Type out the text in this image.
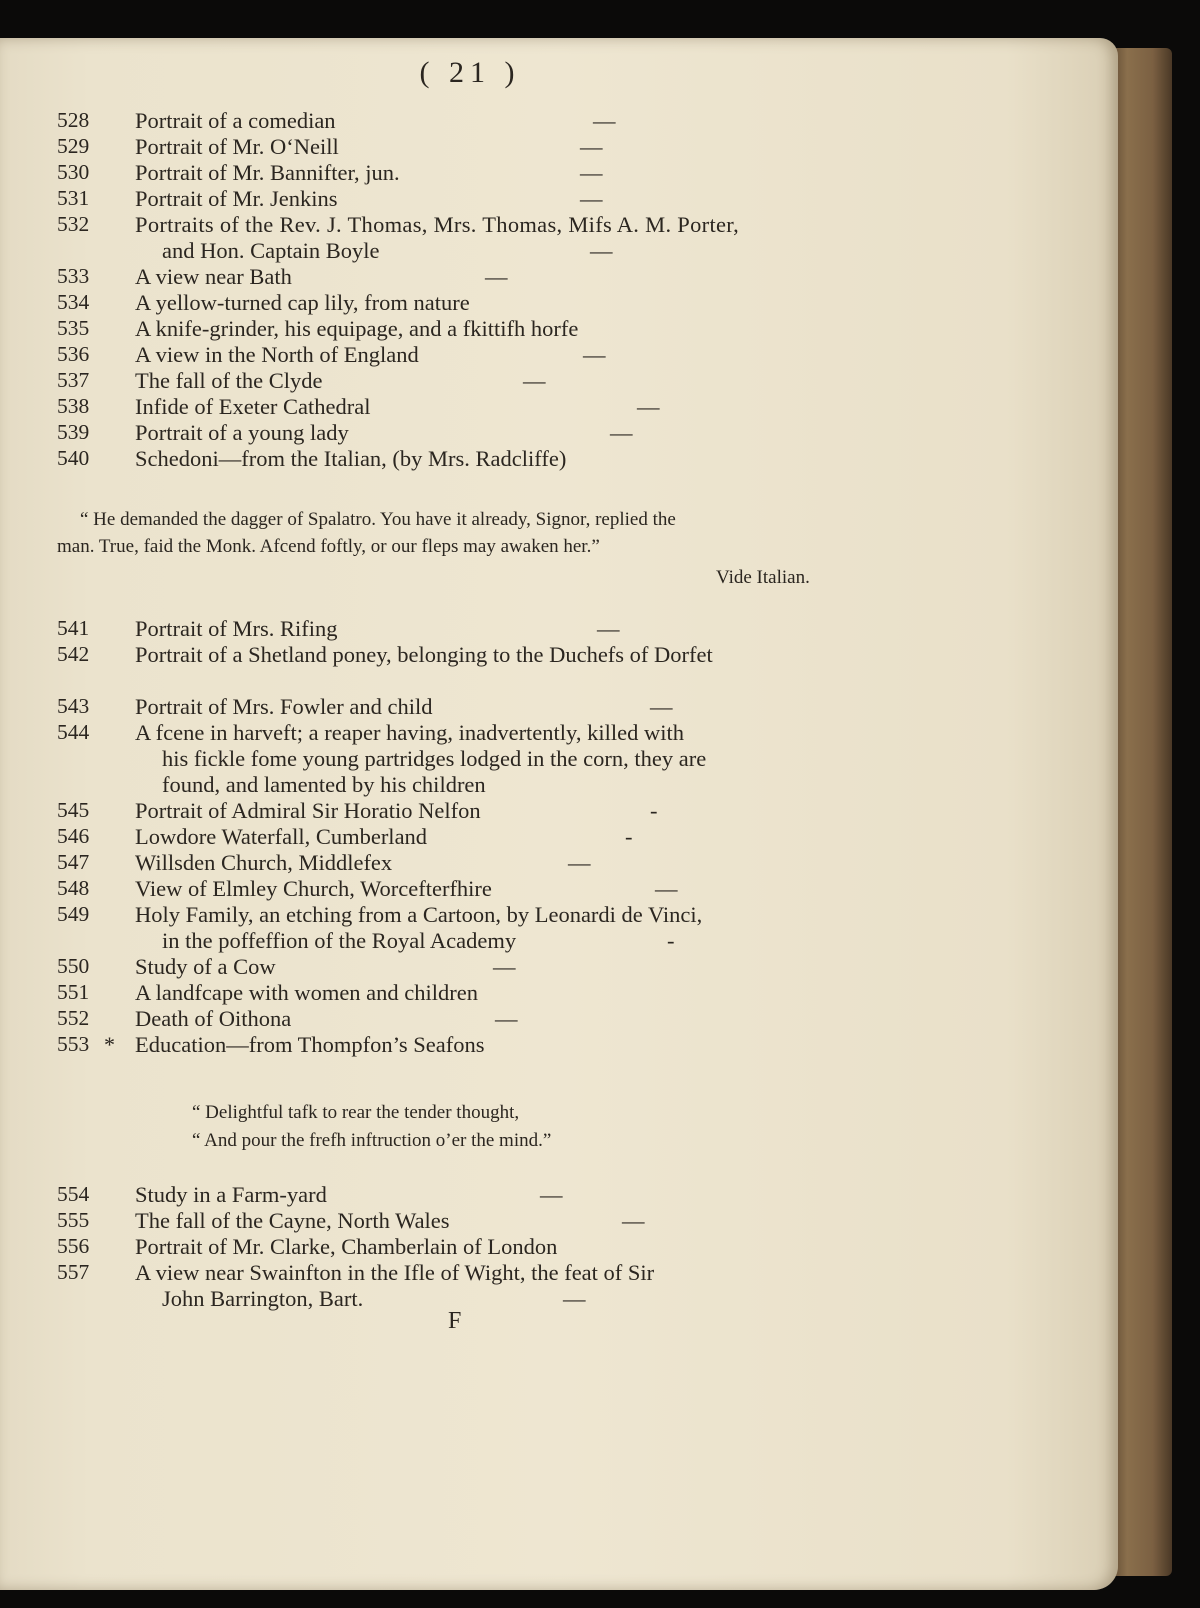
( 21 )
528	Portrait of a comedian	—
529	Portrait of Mr. O‘Neill	—
530	Portrait of Mr. Bannifter, jun.	—
531	Portrait of Mr. Jenkins	—
532	Portraits of the Rev. J. Thomas, Mrs. Thomas, Mifs A. M. Porter,
and Hon. Captain Boyle	—
533	A view near Bath	—
534	A yellow-turned cap lily, from nature
535	A knife-grinder, his equipage, and a fkittifh horfe
536	A view in the North of England	—
537	The fall of the Clyde	—
538	Infide of Exeter Cathedral	—
539	Portrait of a young lady	—
540	Schedoni—from the Italian, (by Mrs. Radcliffe)
“ He demanded the dagger of Spalatro. You have it already, Signor, replied the
man. True, faid the Monk. Afcend foftly, or our fleps may awaken her.”
Vide Italian.
541	Portrait of Mrs. Rifing	—
542	Portrait of a Shetland poney, belonging to the Duchefs of Dorfet
543	Portrait of Mrs. Fowler and child	—
544	A fcene in harveft; a reaper having, inadvertently, killed with
his fickle fome young partridges lodged in the corn, they are
found, and lamented by his children
545	Portrait of Admiral Sir Horatio Nelfon	-
546	Lowdore Waterfall, Cumberland	-
547	Willsden Church, Middlefex	—
548	View of Elmley Church, Worcefterfhire	—
549	Holy Family, an etching from a Cartoon, by Leonardi de Vinci,
in the poffeffion of the Royal Academy	-
550	Study of a Cow	—
551	A landfcape with women and children
552	Death of Oithona	—
553 * Education—from Thompfon’s Seafons
“ Delightful tafk to rear the tender thought,
“ And pour the frefh inftruction o’er the mind.”
554	Study in a Farm-yard	—
555	The fall of the Cayne, North Wales	—
556	Portrait of Mr. Clarke, Chamberlain of London
557	A view near Swainfton in the Ifle of Wight, the feat of Sir
John Barrington, Bart.	—
F
